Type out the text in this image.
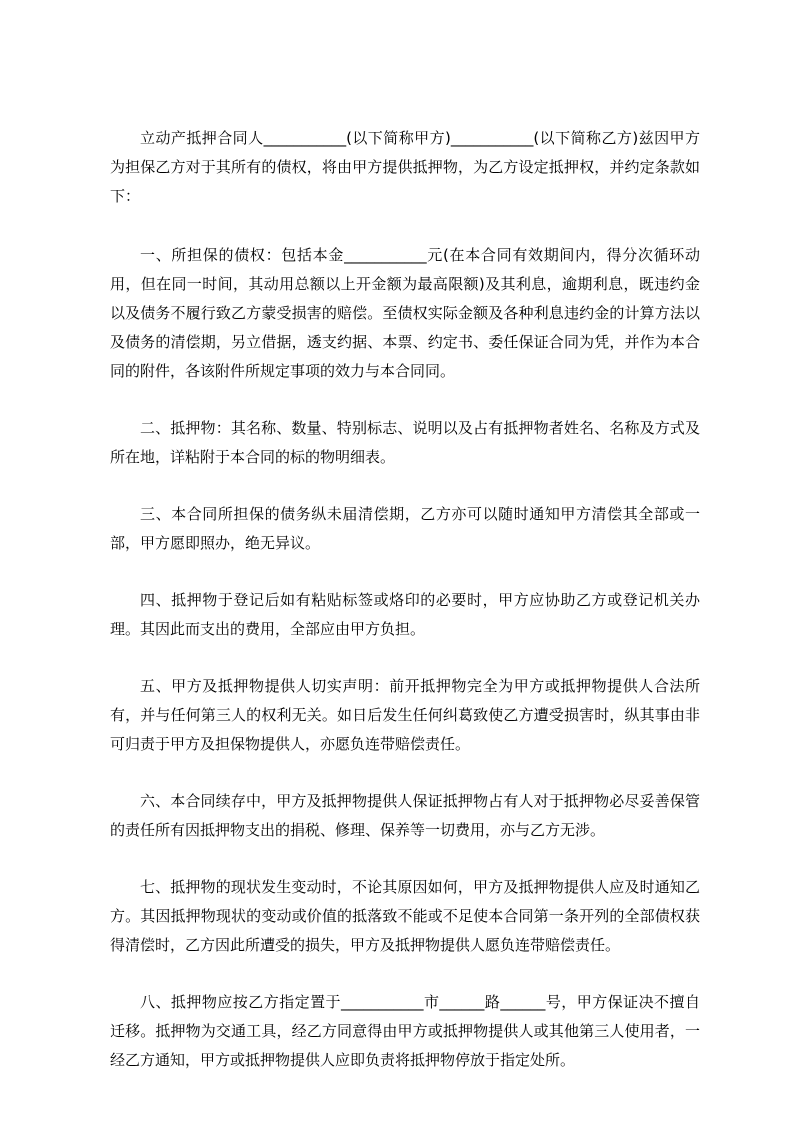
立动产抵押合同人___________(以下简称甲方)___________(以下简称乙方)兹因甲方为担保乙方对于其所有的债权，将由甲方提供抵押物，为乙方设定抵押权，并约定条款如下：

一、所担保的债权：包括本金___________元(在本合同有效期间内，得分次循环动用，但在同一时间，其动用总额以上开金额为最高限额)及其利息，逾期利息，既违约金以及债务不履行致乙方蒙受损害的赔偿。至债权实际金额及各种利息违约金的计算方法以及债务的清偿期，另立借据，透支约据、本票、约定书、委任保证合同为凭，并作为本合同的附件，各该附件所规定事项的效力与本合同同。

二、抵押物：其名称、数量、特别标志、说明以及占有抵押物者姓名、名称及方式及所在地，详粘附于本合同的标的物明细表。

三、本合同所担保的债务纵未届清偿期，乙方亦可以随时通知甲方清偿其全部或一部，甲方愿即照办，绝无异议。

四、抵押物于登记后如有粘贴标签或烙印的必要时，甲方应协助乙方或登记机关办理。其因此而支出的费用，全部应由甲方负担。

五、甲方及抵押物提供人切实声明：前开抵押物完全为甲方或抵押物提供人合法所有，并与任何第三人的权利无关。如日后发生任何纠葛致使乙方遭受损害时，纵其事由非可归责于甲方及担保物提供人，亦愿负连带赔偿责任。

六、本合同续存中，甲方及抵押物提供人保证抵押物占有人对于抵押物必尽妥善保管的责任所有因抵押物支出的捐税、修理、保养等一切费用，亦与乙方无涉。

七、抵押物的现状发生变动时，不论其原因如何，甲方及抵押物提供人应及时通知乙方。其因抵押物现状的变动或价值的抵落致不能或不足使本合同第一条开列的全部债权获得清偿时，乙方因此所遭受的损失，甲方及抵押物提供人愿负连带赔偿责任。

八、抵押物应按乙方指定置于___________市______路______号，甲方保证决不擅自迁移。抵押物为交通工具，经乙方同意得由甲方或抵押物提供人或其他第三人使用者，一经乙方通知，甲方或抵押物提供人应即负责将抵押物停放于指定处所。
